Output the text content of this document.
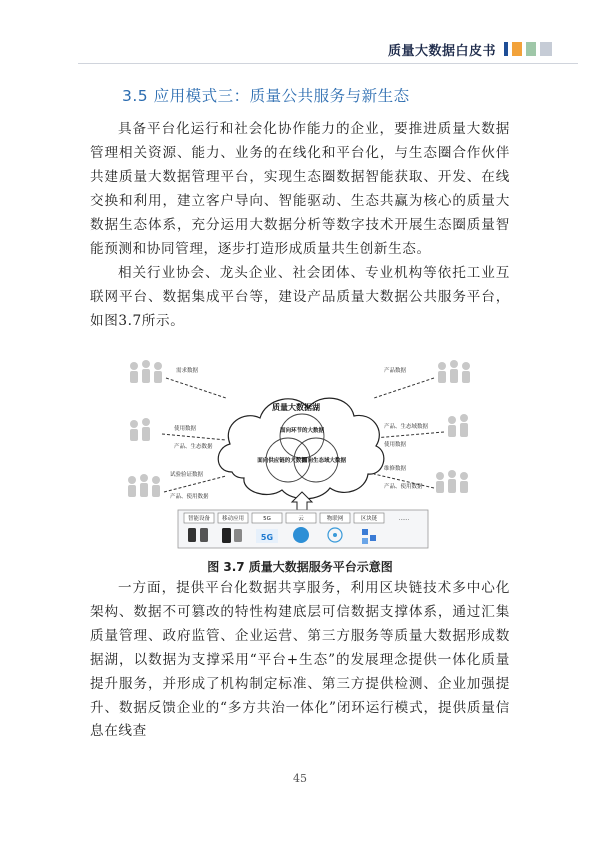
质量大数据白皮书
3.5 应用模式三：质量公共服务与新生态

具备平台化运行和社会化协作能力的企业，要推进质量大数据管理相关资源、能力、业务的在线化和平台化，与生态圈合作伙伴共建质量大数据管理平台，实现生态圈数据智能获取、开发、在线交换和利用，建立客户导向、智能驱动、生态共赢为核心的质量大数据生态体系，充分运用大数据分析等数字技术开展生态圈质量智能预测和协同管理，逐步打造形成质量共生创新生态。

相关行业协会、龙头企业、社会团体、专业机构等依托工业互联网平台、数据集成平台等，建设产品质量大数据公共服务平台，如图3.7所示。

需求数据
使用数据
产品、生态数据
试验验证数据
产品、使用数据
产品数据
产品、生态域数据
使用数据
维修数据
产品、使用数据
质量大数据湖
面向环节的大数据
面向供应链的大数据
面向生态域大数据
智能设备 移动应用	5G	云	物联网	区块链	......
5G
图 3.7 质量大数据服务平台示意图

一方面，提供平台化数据共享服务，利用区块链技术多中心化架构、数据不可篡改的特性构建底层可信数据支撑体系，通过汇集质量管理、政府监管、企业运营、第三方服务等质量大数据形成数据湖，以数据为支撑采用“平台+生态”的发展理念提供一体化质量提升服务，并形成了机构制定标准、第三方提供检测、企业加强提升、数据反馈企业的“多方共治一体化”闭环运行模式，提供质量信息在线查

45
